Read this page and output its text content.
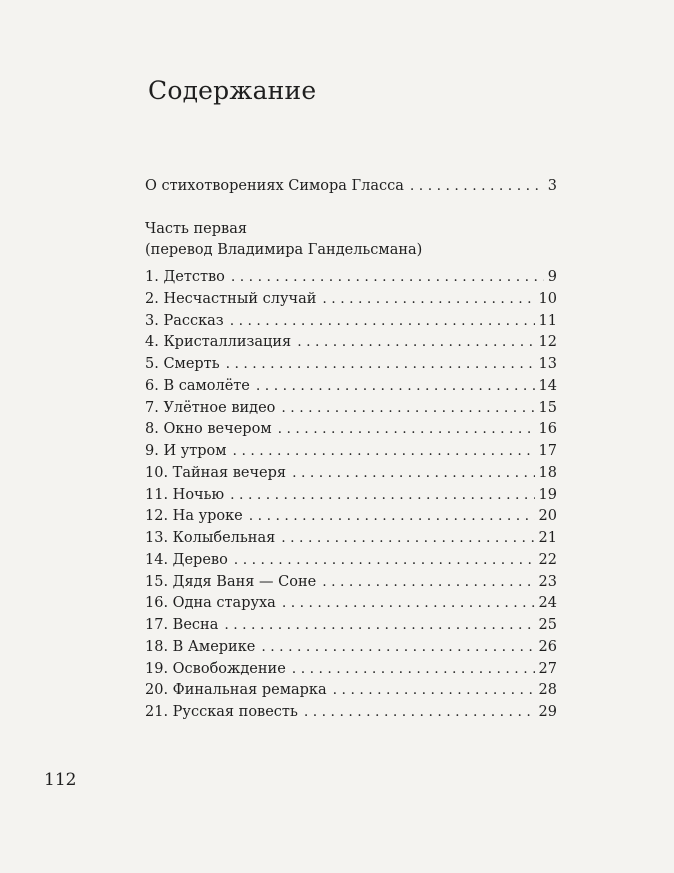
Содержание
О стихотворениях Симора Гласса . . .	3
Часть первая
(перевод Владимира Гандельсмана)
1. Детство . . .	9
2. Несчастный случай . . .	10
3. Рассказ . . .	11
4. Кристаллизация . . .	12
5. Смерть . . .	13
6. В самолёте . . .	14
7. Улётное видео . . .	15
8. Окно вечером . . .	16
9. И утром . . .	17
10. Тайная вечеря . . .	18
11. Ночью . . .	19
12. На уроке . . .	20
13. Колыбельная . . .	21
14. Дерево . . .	22
15. Дядя Ваня — Соне . . .	23
16. Одна старуха . . .	24
17. Весна . . .	25
18. В Америке . . .	26
19. Освобождение . . .	27
20. Финальная ремарка . . .	28
21. Русская повесть . . .	29
112
